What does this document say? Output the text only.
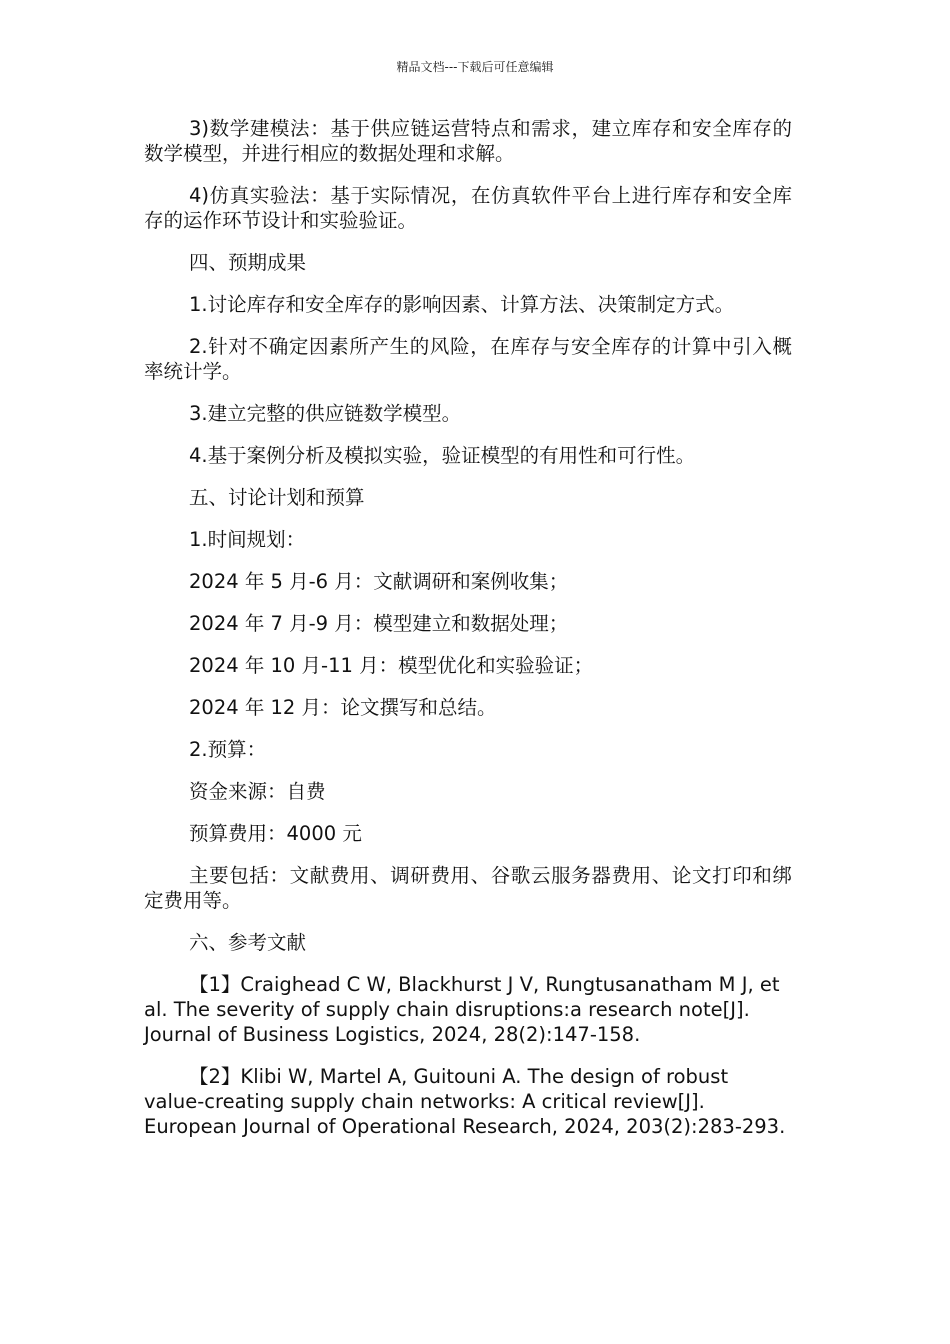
精品文档---下载后可任意编辑

3)数学建模法：基于供应链运营特点和需求，建立库存和安全库存的数学模型，并进行相应的数据处理和求解。

4)仿真实验法：基于实际情况，在仿真软件平台上进行库存和安全库存的运作环节设计和实验验证。

四、预期成果

1.讨论库存和安全库存的影响因素、计算方法、决策制定方式。

2.针对不确定因素所产生的风险，在库存与安全库存的计算中引入概率统计学。

3.建立完整的供应链数学模型。

4.基于案例分析及模拟实验，验证模型的有用性和可行性。

五、讨论计划和预算

1.时间规划：

2024 年 5 月-6 月：文献调研和案例收集；

2024 年 7 月-9 月：模型建立和数据处理；

2024 年 10 月-11 月：模型优化和实验验证；

2024 年 12 月：论文撰写和总结。

2.预算：

资金来源：自费

预算费用：4000 元

主要包括：文献费用、调研费用、谷歌云服务器费用、论文打印和绑定费用等。

六、参考文献

【1】Craighead C W, Blackhurst J V, Rungtusanatham M J, et al. The severity of supply chain disruptions:a research note[J]. Journal of Business Logistics, 2024, 28(2):147-158.

【2】Klibi W, Martel A, Guitouni A. The design of robust value-creating supply chain networks: A critical review[J]. European Journal of Operational Research, 2024, 203(2):283-293.
